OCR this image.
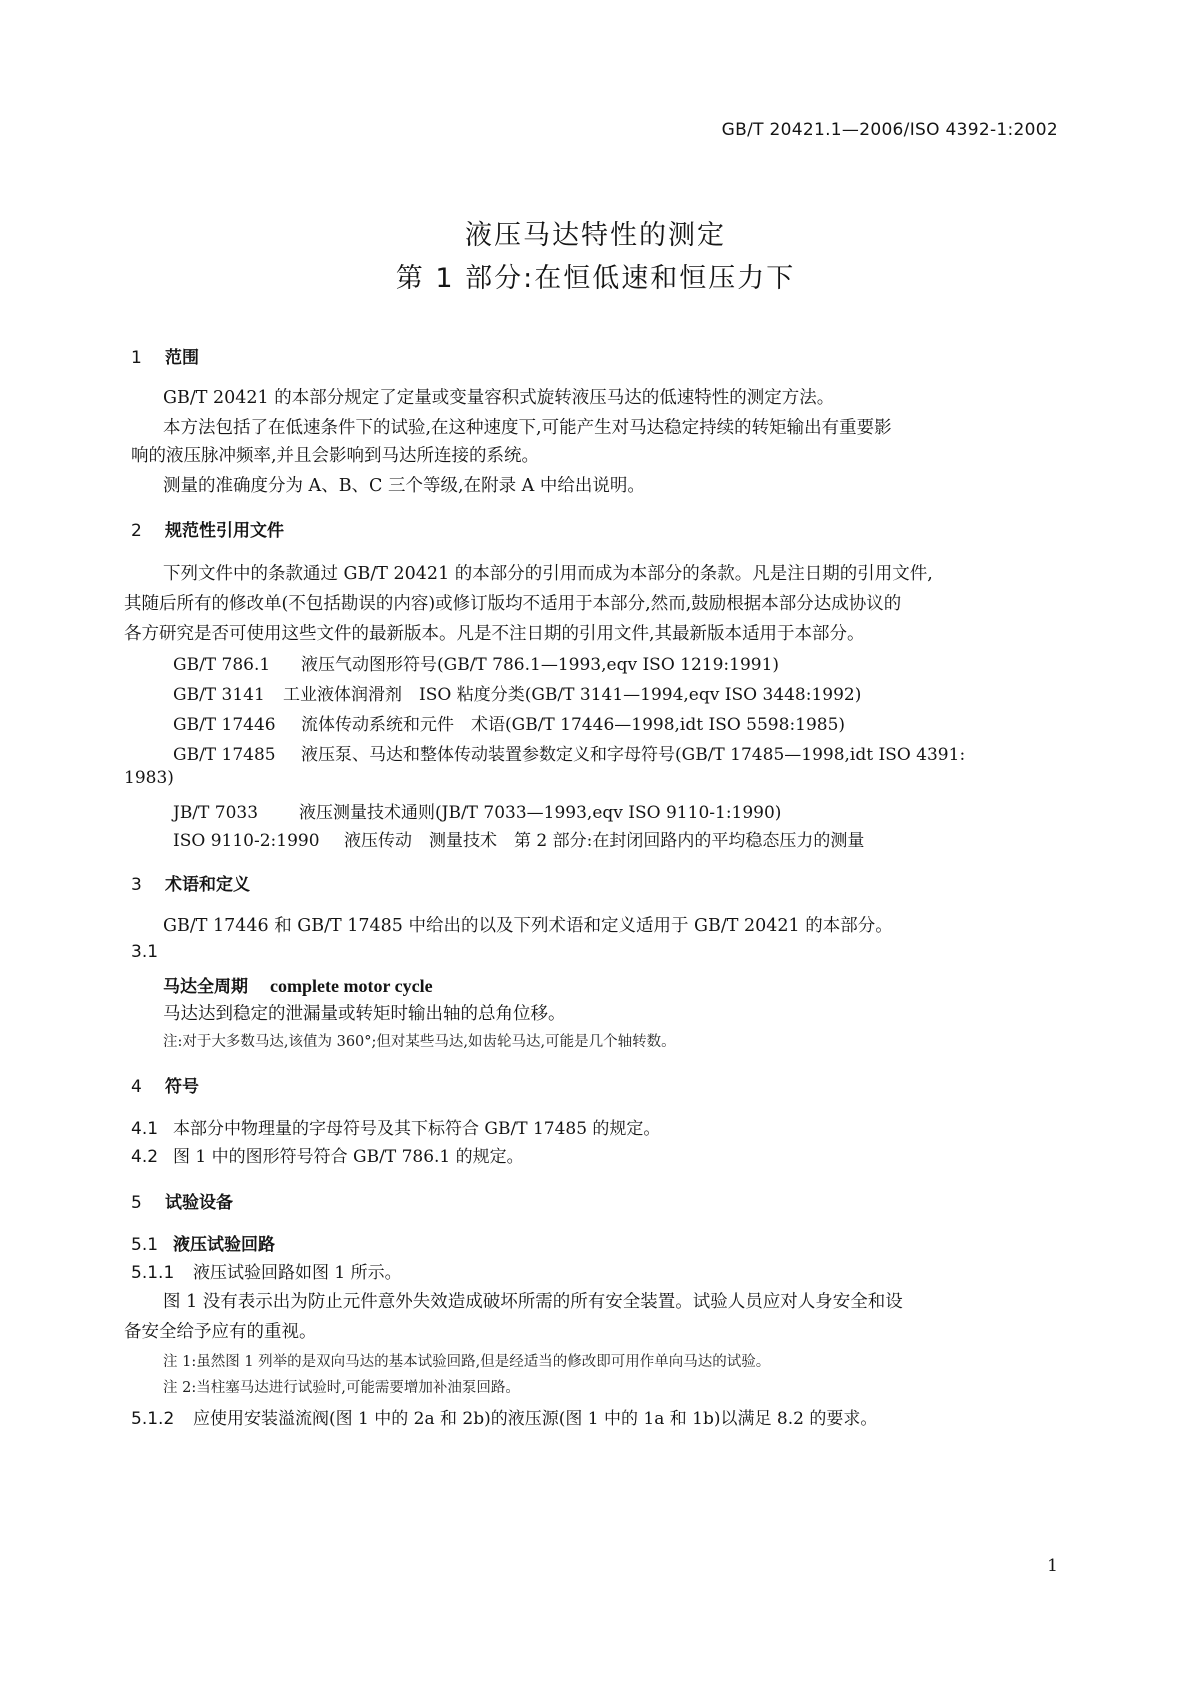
GB/T 20421.1—2006/ISO 4392-1:2002
液压马达特性的测定
第 1 部分:在恒低速和恒压力下
1 范围
GB/T 20421 的本部分规定了定量或变量容积式旋转液压马达的低速特性的测定方法。
本方法包括了在低速条件下的试验,在这种速度下,可能产生对马达稳定持续的转矩输出有重要影
响的液压脉冲频率,并且会影响到马达所连接的系统。
测量的准确度分为 A、B、C 三个等级,在附录 A 中给出说明。
2 规范性引用文件
下列文件中的条款通过 GB/T 20421 的本部分的引用而成为本部分的条款。凡是注日期的引用文件,
其随后所有的修改单(不包括勘误的内容)或修订版均不适用于本部分,然而,鼓励根据本部分达成协议的
各方研究是否可使用这些文件的最新版本。凡是不注日期的引用文件,其最新版本适用于本部分。
GB/T 786.1 液压气动图形符号(GB/T 786.1—1993,eqv ISO 1219:1991)
GB/T 3141 工业液体润滑剂　ISO 粘度分类(GB/T 3141—1994,eqv ISO 3448:1992)
GB/T 17446 流体传动系统和元件　术语(GB/T 17446—1998,idt ISO 5598:1985)
GB/T 17485 液压泵、马达和整体传动装置参数定义和字母符号(GB/T 17485—1998,idt ISO 4391:
1983)
JB/T 7033 液压测量技术通则(JB/T 7033—1993,eqv ISO 9110-1:1990)
ISO 9110-2:1990 液压传动　测量技术　第 2 部分:在封闭回路内的平均稳态压力的测量
3 术语和定义
GB/T 17446 和 GB/T 17485 中给出的以及下列术语和定义适用于 GB/T 20421 的本部分。
3.1
马达全周期 complete motor cycle
马达达到稳定的泄漏量或转矩时输出轴的总角位移。
注:对于大多数马达,该值为 360°;但对某些马达,如齿轮马达,可能是几个轴转数。
4 符号
4.1 本部分中物理量的字母符号及其下标符合 GB/T 17485 的规定。
4.2 图 1 中的图形符号符合 GB/T 786.1 的规定。
5 试验设备
5.1 液压试验回路
5.1.1 液压试验回路如图 1 所示。
图 1 没有表示出为防止元件意外失效造成破坏所需的所有安全装置。试验人员应对人身安全和设
备安全给予应有的重视。
注 1:虽然图 1 列举的是双向马达的基本试验回路,但是经适当的修改即可用作单向马达的试验。
注 2:当柱塞马达进行试验时,可能需要增加补油泵回路。
5.1.2 应使用安装溢流阀(图 1 中的 2a 和 2b)的液压源(图 1 中的 1a 和 1b)以满足 8.2 的要求。
1
